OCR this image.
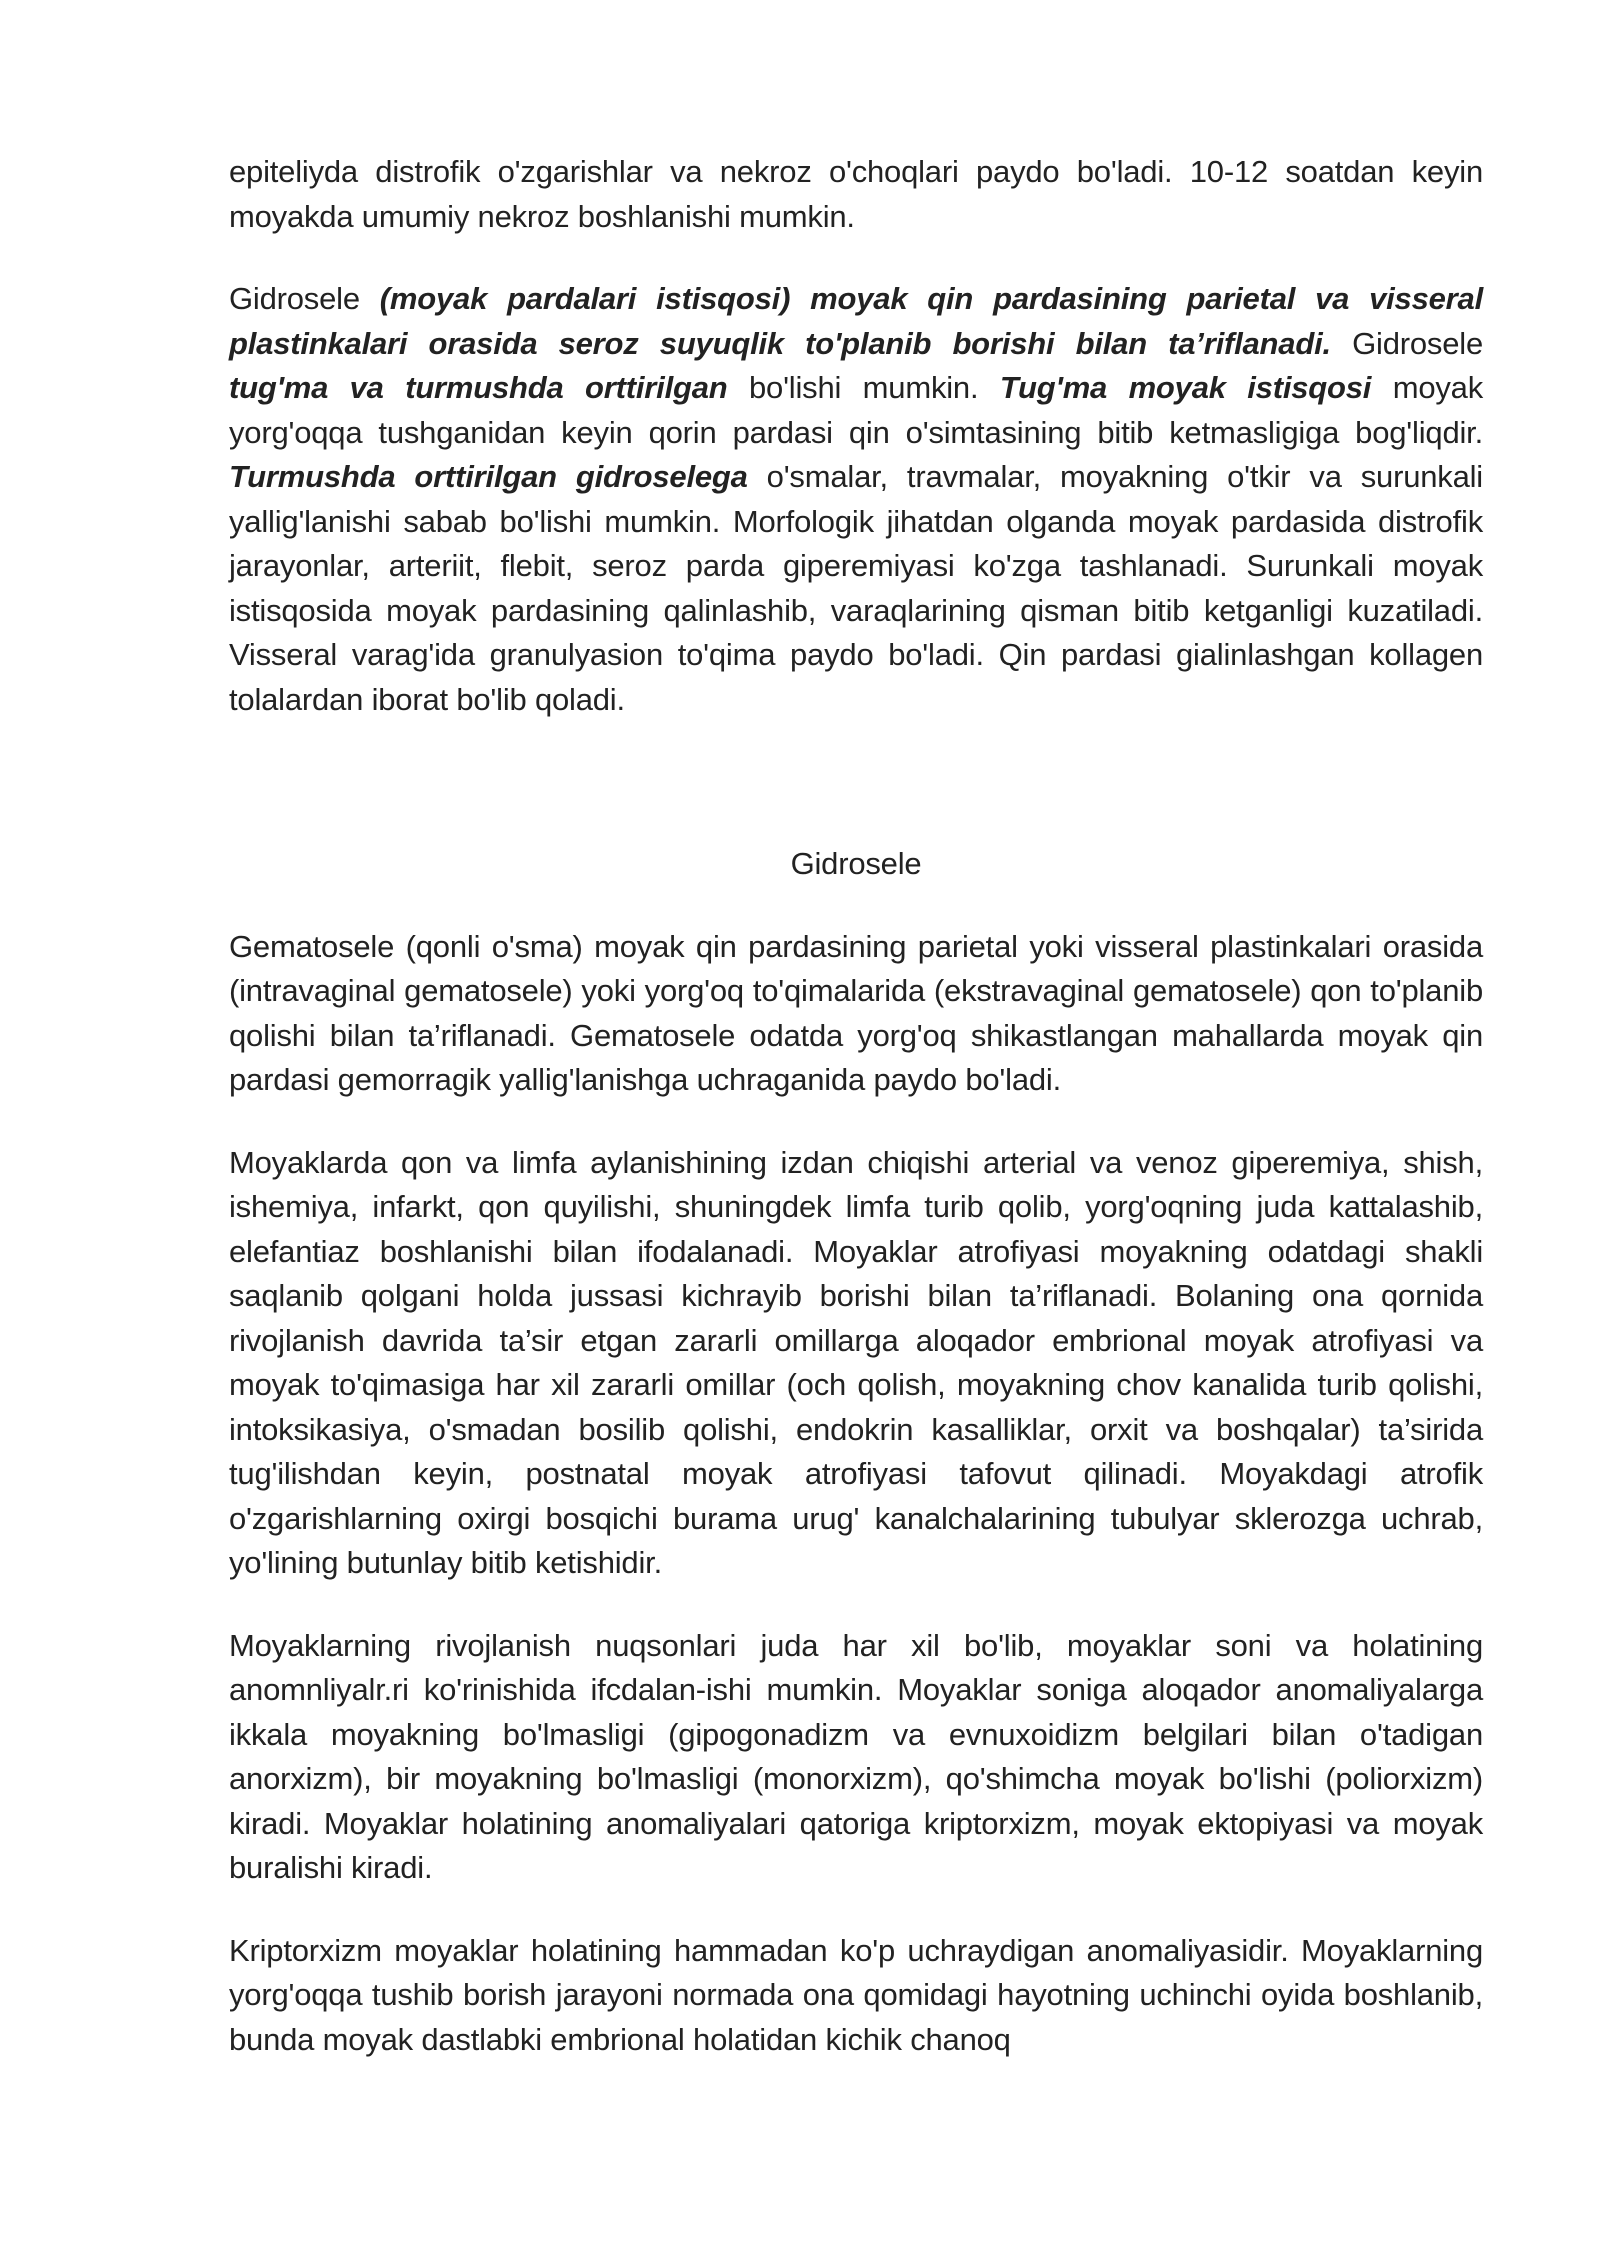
epiteliyda distrofik o'zgarishlar va nekroz o'choqlari paydo bo'ladi. 10-12 soatdan keyin moyakda umumiy nekroz boshlanishi mumkin.

Gidrosele (moyak pardalari istisqosi) moyak qin pardasining parietal va visseral plastinkalari orasida seroz suyuqlik to'planib borishi bilan ta’riflanadi. Gidrosele tug'ma va turmushda orttirilgan bo'lishi mumkin. Tug'ma moyak istisqosi moyak yorg'oqqa tushganidan keyin qorin pardasi qin o'simtasining bitib ketmasligiga bog'liqdir. Turmushda orttirilgan gidroselega o'smalar, travmalar, moyakning o'tkir va surunkali yallig'lanishi sabab bo'lishi mumkin. Morfologik jihatdan olganda moyak pardasida distrofik jarayonlar, arteriit, flebit, seroz parda giperemiyasi ko'zga tashlanadi. Surunkali moyak istisqosida moyak pardasining qalinlashib, varaqlarining qisman bitib ketganligi kuzatiladi. Visseral varag'ida granulyasion to'qima paydo bo'ladi. Qin pardasi gialinlashgan kollagen tolalardan iborat bo'lib qoladi.

Gidrosele

Gematosele (qonli o'sma) moyak qin pardasining parietal yoki visseral plastinkalari orasida (intravaginal gematosele) yoki yorg'oq to'qimalarida (ekstravaginal gematosele) qon to'planib qolishi bilan ta’riflanadi. Gematosele odatda yorg'oq shikastlangan mahallarda moyak qin pardasi gemorragik yallig'lanishga uchraganida paydo bo'ladi.

Moyaklarda qon va limfa aylanishining izdan chiqishi arterial va venoz giperemiya, shish, ishemiya, infarkt, qon quyilishi, shuningdek limfa turib qolib, yorg'oqning juda kattalashib, elefantiaz boshlanishi bilan ifodalanadi. Moyaklar atrofiyasi moyakning odatdagi shakli saqlanib qolgani holda jussasi kichrayib borishi bilan ta’riflanadi. Bolaning ona qornida rivojlanish davrida ta’sir etgan zararli omillarga aloqador embrional moyak atrofiyasi va moyak to'qimasiga har xil zararli omillar (och qolish, moyakning chov kanalida turib qolishi, intoksikasiya, o'smadan bosilib qolishi, endokrin kasalliklar, orxit va boshqalar) ta’sirida tug'ilishdan keyin, postnatal moyak atrofiyasi tafovut qilinadi. Moyakdagi atrofik o'zgarishlarning oxirgi bosqichi burama urug' kanalchalarining tubulyar sklerozga uchrab, yo'lining butunlay bitib ketishidir.

Moyaklarning rivojlanish nuqsonlari juda har xil bo'lib, moyaklar soni va holatining anomnliyalr.ri ko'rinishida ifcdalan-ishi mumkin. Moyaklar soniga aloqador anomaliyalarga ikkala moyakning bo'lmasligi (gipogonadizm va evnuxoidizm belgilari bilan o'tadigan anorxizm), bir moyakning bo'lmasligi (monorxizm), qo'shimcha moyak bo'lishi (poliorxizm) kiradi. Moyaklar holatining anomaliyalari qatoriga kriptorxizm, moyak ektopiyasi va moyak buralishi kiradi.

Kriptorxizm moyaklar holatining hammadan ko'p uchraydigan anomaliyasidir. Moyaklarning yorg'oqqa tushib borish jarayoni normada ona qomidagi hayotning uchinchi oyida boshlanib, bunda moyak dastlabki embrional holatidan kichik chanoq
